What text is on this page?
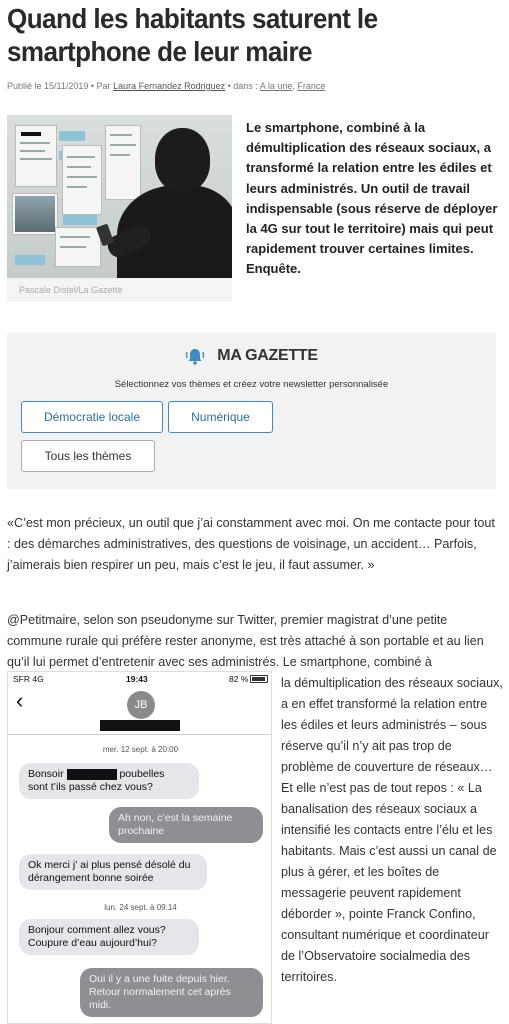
Quand les habitants saturent le smartphone de leur maire
Publié le 15/11/2019 • Par Laura Fernandez Rodriguez • dans : A la une, France
Pascale Distel/La Gazette

Le smartphone, combiné à la démultiplication des réseaux sociaux, a transformé la relation entre les édiles et leurs administrés. Un outil de travail indispensable (sous réserve de déployer la 4G sur tout le territoire) mais qui peut rapidement trouver certaines limites. Enquête.

MA GAZETTE
Sélectionnez vos thèmes et créez votre newsletter personnalisée
Démocratie locale	Numérique
Tous les thèmes

«C’est mon précieux, un outil que j’ai constamment avec moi. On me contacte pour tout : des démarches administratives, des questions de voisinage, un accident… Parfois, j’aimerais bien respirer un peu, mais c’est le jeu, il faut assumer. »

@Petitmaire, selon son pseudonyme sur Twitter, premier magistrat d’une petite commune rurale qui préfère rester anonyme, est très attaché à son portable et au lien qu’il lui permet d’entretenir avec ses administrés. Le smartphone, combiné à

la démultiplication des réseaux sociaux, a en effet transformé la relation entre les édiles et leurs administrés – sous réserve qu’il n’y ait pas trop de problème de couverture de réseaux… Et elle n’est pas de tout repos : « La banalisation des réseaux sociaux a intensifié les contacts entre l’élu et les habitants. Mais c’est aussi un canal de plus à gérer, et les boîtes de messagerie peuvent rapidement déborder », pointe Franck Confino, consultant numérique et coordinateur de l’Observatoire socialmedia des territoires.

SFR 4G	19:43	82 %
‹	JB
mer. 12 sept. à 20:00
Bonsoir	poubelles
sont t’ils passé chez vous?
Ah non, c’est la semaine prochaine
Ok merci j’ ai plus pensé désolé du dérangement bonne soirée
lun. 24 sept. à 09:14
Bonjour comment allez vous? Coupure d’eau aujourd’hui?
Oui il y a une fuite depuis hier. Retour normalement cet après midi.
